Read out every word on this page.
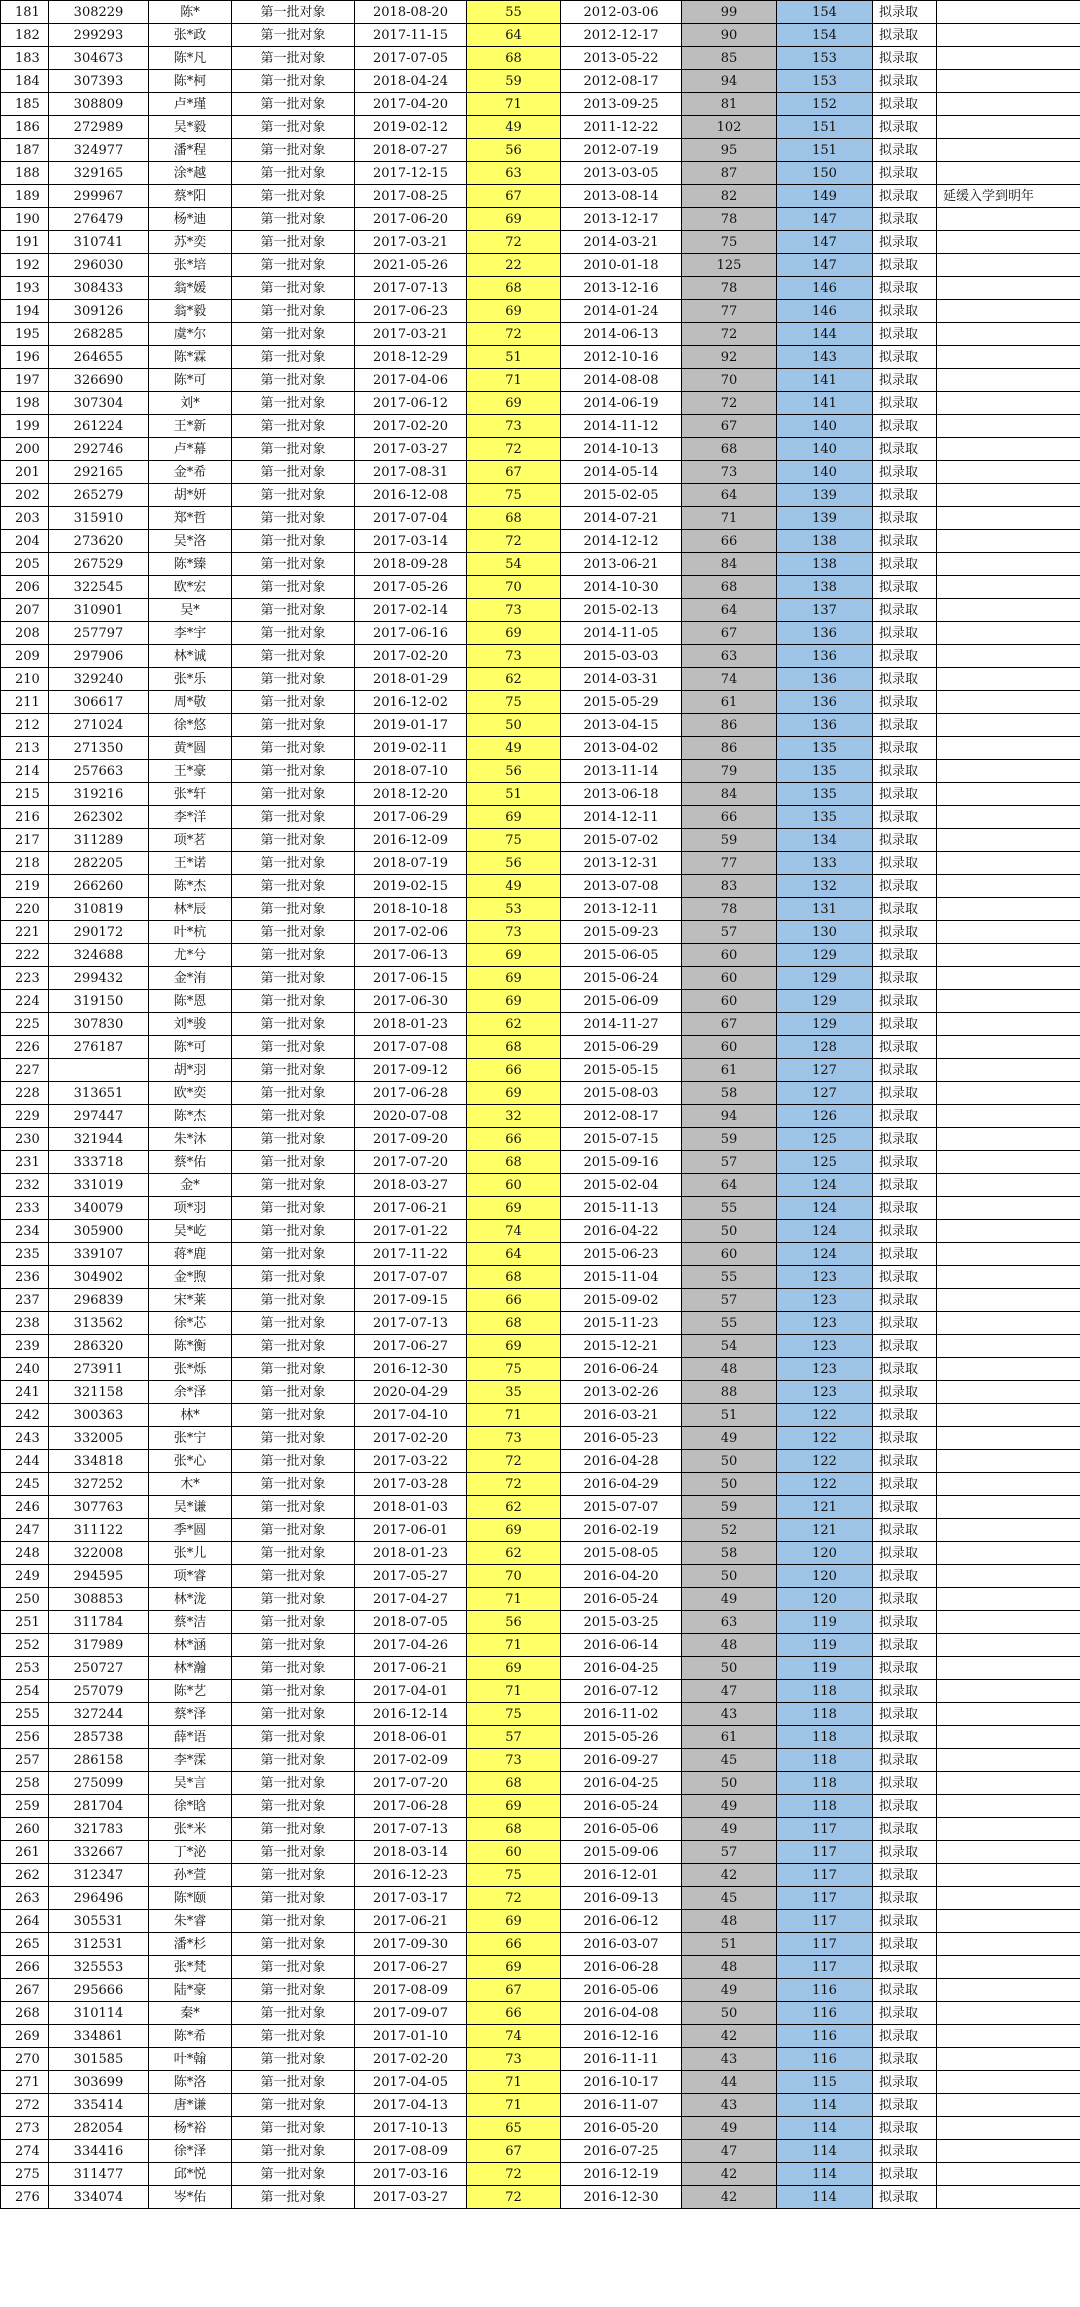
181	308229	陈*	第一批对象	2018-08-20	55	2012-03-06	99	154	拟录取	
182	299293	张*政	第一批对象	2017-11-15	64	2012-12-17	90	154	拟录取	
183	304673	陈*凡	第一批对象	2017-07-05	68	2013-05-22	85	153	拟录取	
184	307393	陈*柯	第一批对象	2018-04-24	59	2012-08-17	94	153	拟录取	
185	308809	卢*瑾	第一批对象	2017-04-20	71	2013-09-25	81	152	拟录取	
186	272989	吴*毅	第一批对象	2019-02-12	49	2011-12-22	102	151	拟录取	
187	324977	潘*程	第一批对象	2018-07-27	56	2012-07-19	95	151	拟录取	
188	329165	涂*越	第一批对象	2017-12-15	63	2013-03-05	87	150	拟录取	
189	299967	蔡*阳	第一批对象	2017-08-25	67	2013-08-14	82	149	拟录取	延缓入学到明年
190	276479	杨*迪	第一批对象	2017-06-20	69	2013-12-17	78	147	拟录取	
191	310741	苏*奕	第一批对象	2017-03-21	72	2014-03-21	75	147	拟录取	
192	296030	张*培	第一批对象	2021-05-26	22	2010-01-18	125	147	拟录取	
193	308433	翁*媛	第一批对象	2017-07-13	68	2013-12-16	78	146	拟录取	
194	309126	翁*毅	第一批对象	2017-06-23	69	2014-01-24	77	146	拟录取	
195	268285	虞*尔	第一批对象	2017-03-21	72	2014-06-13	72	144	拟录取	
196	264655	陈*霖	第一批对象	2018-12-29	51	2012-10-16	92	143	拟录取	
197	326690	陈*可	第一批对象	2017-04-06	71	2014-08-08	70	141	拟录取	
198	307304	刘*	第一批对象	2017-06-12	69	2014-06-19	72	141	拟录取	
199	261224	王*新	第一批对象	2017-02-20	73	2014-11-12	67	140	拟录取	
200	292746	卢*幕	第一批对象	2017-03-27	72	2014-10-13	68	140	拟录取	
201	292165	金*希	第一批对象	2017-08-31	67	2014-05-14	73	140	拟录取	
202	265279	胡*妍	第一批对象	2016-12-08	75	2015-02-05	64	139	拟录取	
203	315910	郑*哲	第一批对象	2017-07-04	68	2014-07-21	71	139	拟录取	
204	273620	吴*洛	第一批对象	2017-03-14	72	2014-12-12	66	138	拟录取	
205	267529	陈*臻	第一批对象	2018-09-28	54	2013-06-21	84	138	拟录取	
206	322545	欧*宏	第一批对象	2017-05-26	70	2014-10-30	68	138	拟录取	
207	310901	吴*	第一批对象	2017-02-14	73	2015-02-13	64	137	拟录取	
208	257797	李*宇	第一批对象	2017-06-16	69	2014-11-05	67	136	拟录取	
209	297906	林*诚	第一批对象	2017-02-20	73	2015-03-03	63	136	拟录取	
210	329240	张*乐	第一批对象	2018-01-29	62	2014-03-31	74	136	拟录取	
211	306617	周*敬	第一批对象	2016-12-02	75	2015-05-29	61	136	拟录取	
212	271024	徐*悠	第一批对象	2019-01-17	50	2013-04-15	86	136	拟录取	
213	271350	黄*圆	第一批对象	2019-02-11	49	2013-04-02	86	135	拟录取	
214	257663	王*豪	第一批对象	2018-07-10	56	2013-11-14	79	135	拟录取	
215	319216	张*轩	第一批对象	2018-12-20	51	2013-06-18	84	135	拟录取	
216	262302	李*洋	第一批对象	2017-06-29	69	2014-12-11	66	135	拟录取	
217	311289	项*茗	第一批对象	2016-12-09	75	2015-07-02	59	134	拟录取	
218	282205	王*诺	第一批对象	2018-07-19	56	2013-12-31	77	133	拟录取	
219	266260	陈*杰	第一批对象	2019-02-15	49	2013-07-08	83	132	拟录取	
220	310819	林*辰	第一批对象	2018-10-18	53	2013-12-11	78	131	拟录取	
221	290172	叶*杭	第一批对象	2017-02-06	73	2015-09-23	57	130	拟录取	
222	324688	尤*兮	第一批对象	2017-06-13	69	2015-06-05	60	129	拟录取	
223	299432	金*洧	第一批对象	2017-06-15	69	2015-06-24	60	129	拟录取	
224	319150	陈*恩	第一批对象	2017-06-30	69	2015-06-09	60	129	拟录取	
225	307830	刘*骏	第一批对象	2018-01-23	62	2014-11-27	67	129	拟录取	
226	276187	陈*可	第一批对象	2017-07-08	68	2015-06-29	60	128	拟录取	
227		胡*羽	第一批对象	2017-09-12	66	2015-05-15	61	127	拟录取	
228	313651	欧*奕	第一批对象	2017-06-28	69	2015-08-03	58	127	拟录取	
229	297447	陈*杰	第一批对象	2020-07-08	32	2012-08-17	94	126	拟录取	
230	321944	朱*沐	第一批对象	2017-09-20	66	2015-07-15	59	125	拟录取	
231	333718	蔡*佑	第一批对象	2017-07-20	68	2015-09-16	57	125	拟录取	
232	331019	金*	第一批对象	2018-03-27	60	2015-02-04	64	124	拟录取	
233	340079	项*羽	第一批对象	2017-06-21	69	2015-11-13	55	124	拟录取	
234	305900	吴*屹	第一批对象	2017-01-22	74	2016-04-22	50	124	拟录取	
235	339107	蒋*鹿	第一批对象	2017-11-22	64	2015-06-23	60	124	拟录取	
236	304902	金*煦	第一批对象	2017-07-07	68	2015-11-04	55	123	拟录取	
237	296839	宋*莱	第一批对象	2017-09-15	66	2015-09-02	57	123	拟录取	
238	313562	徐*芯	第一批对象	2017-07-13	68	2015-11-23	55	123	拟录取	
239	286320	陈*衡	第一批对象	2017-06-27	69	2015-12-21	54	123	拟录取	
240	273911	张*烁	第一批对象	2016-12-30	75	2016-06-24	48	123	拟录取	
241	321158	余*泽	第一批对象	2020-04-29	35	2013-02-26	88	123	拟录取	
242	300363	林*	第一批对象	2017-04-10	71	2016-03-21	51	122	拟录取	
243	332005	张*宁	第一批对象	2017-02-20	73	2016-05-23	49	122	拟录取	
244	334818	张*心	第一批对象	2017-03-22	72	2016-04-28	50	122	拟录取	
245	327252	木*	第一批对象	2017-03-28	72	2016-04-29	50	122	拟录取	
246	307763	吴*谦	第一批对象	2018-01-03	62	2015-07-07	59	121	拟录取	
247	311122	季*圆	第一批对象	2017-06-01	69	2016-02-19	52	121	拟录取	
248	322008	张*儿	第一批对象	2018-01-23	62	2015-08-05	58	120	拟录取	
249	294595	项*睿	第一批对象	2017-05-27	70	2016-04-20	50	120	拟录取	
250	308853	林*泷	第一批对象	2017-04-27	71	2016-05-24	49	120	拟录取	
251	311784	蔡*洁	第一批对象	2018-07-05	56	2015-03-25	63	119	拟录取	
252	317989	林*涵	第一批对象	2017-04-26	71	2016-06-14	48	119	拟录取	
253	250727	林*瀚	第一批对象	2017-06-21	69	2016-04-25	50	119	拟录取	
254	257079	陈*艺	第一批对象	2017-04-01	71	2016-07-12	47	118	拟录取	
255	327244	蔡*泽	第一批对象	2016-12-14	75	2016-11-02	43	118	拟录取	
256	285738	薛*语	第一批对象	2018-06-01	57	2015-05-26	61	118	拟录取	
257	286158	李*霂	第一批对象	2017-02-09	73	2016-09-27	45	118	拟录取	
258	275099	吴*言	第一批对象	2017-07-20	68	2016-04-25	50	118	拟录取	
259	281704	徐*晗	第一批对象	2017-06-28	69	2016-05-24	49	118	拟录取	
260	321783	张*米	第一批对象	2017-07-13	68	2016-05-06	49	117	拟录取	
261	332667	丁*泌	第一批对象	2018-03-14	60	2015-09-06	57	117	拟录取	
262	312347	孙*萱	第一批对象	2016-12-23	75	2016-12-01	42	117	拟录取	
263	296496	陈*颐	第一批对象	2017-03-17	72	2016-09-13	45	117	拟录取	
264	305531	朱*睿	第一批对象	2017-06-21	69	2016-06-12	48	117	拟录取	
265	312531	潘*杉	第一批对象	2017-09-30	66	2016-03-07	51	117	拟录取	
266	325553	张*梵	第一批对象	2017-06-27	69	2016-06-28	48	117	拟录取	
267	295666	陆*豪	第一批对象	2017-08-09	67	2016-05-06	49	116	拟录取	
268	310114	秦*	第一批对象	2017-09-07	66	2016-04-08	50	116	拟录取	
269	334861	陈*希	第一批对象	2017-01-10	74	2016-12-16	42	116	拟录取	
270	301585	叶*翰	第一批对象	2017-02-20	73	2016-11-11	43	116	拟录取	
271	303699	陈*洛	第一批对象	2017-04-05	71	2016-10-17	44	115	拟录取	
272	335414	唐*谦	第一批对象	2017-04-13	71	2016-11-07	43	114	拟录取	
273	282054	杨*裕	第一批对象	2017-10-13	65	2016-05-20	49	114	拟录取	
274	334416	徐*泽	第一批对象	2017-08-09	67	2016-07-25	47	114	拟录取	
275	311477	邱*悦	第一批对象	2017-03-16	72	2016-12-19	42	114	拟录取	
276	334074	岑*佑	第一批对象	2017-03-27	72	2016-12-30	42	114	拟录取	
